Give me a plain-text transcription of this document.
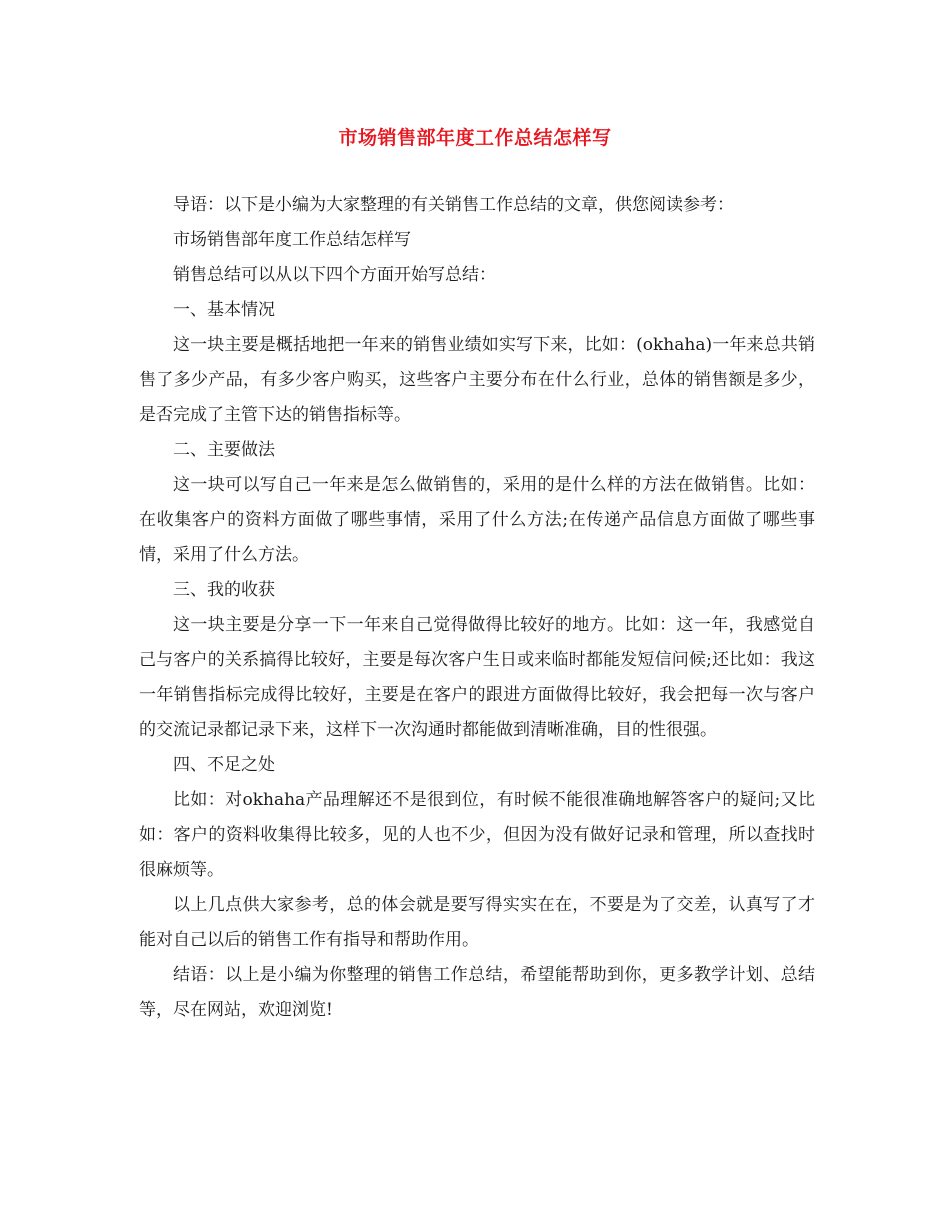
市场销售部年度工作总结怎样写

导语：以下是小编为大家整理的有关销售工作总结的文章，供您阅读参考：

市场销售部年度工作总结怎样写

销售总结可以从以下四个方面开始写总结：

一、基本情况

这一块主要是概括地把一年来的销售业绩如实写下来，比如：(okhaha)一年来总共销售了多少产品，有多少客户购买，这些客户主要分布在什么行业，总体的销售额是多少，是否完成了主管下达的销售指标等。

二、主要做法

这一块可以写自己一年来是怎么做销售的，采用的是什么样的方法在做销售。比如：在收集客户的资料方面做了哪些事情，采用了什么方法;在传递产品信息方面做了哪些事情，采用了什么方法。

三、我的收获

这一块主要是分享一下一年来自己觉得做得比较好的地方。比如：这一年，我感觉自己与客户的关系搞得比较好，主要是每次客户生日或来临时都能发短信问候;还比如：我这一年销售指标完成得比较好，主要是在客户的跟进方面做得比较好，我会把每一次与客户的交流记录都记录下来，这样下一次沟通时都能做到清晰准确，目的性很强。

四、不足之处

比如：对okhaha产品理解还不是很到位，有时候不能很准确地解答客户的疑问;又比如：客户的资料收集得比较多，见的人也不少，但因为没有做好记录和管理，所以查找时很麻烦等。

以上几点供大家参考，总的体会就是要写得实实在在，不要是为了交差，认真写了才能对自己以后的销售工作有指导和帮助作用。

结语：以上是小编为你整理的销售工作总结，希望能帮助到你，更多教学计划、总结等，尽在网站，欢迎浏览!
